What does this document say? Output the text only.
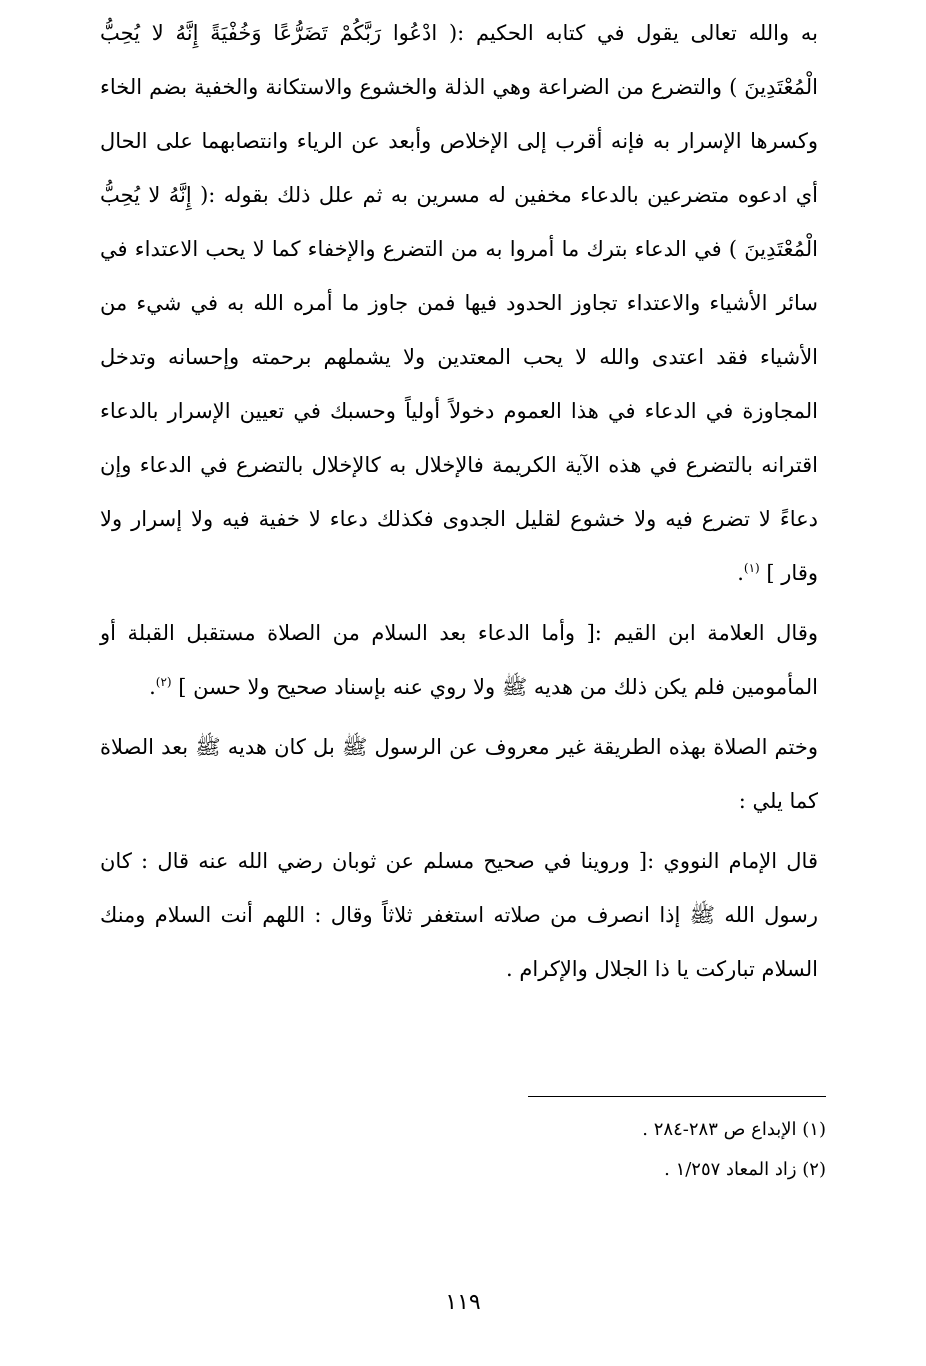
به والله تعالى يقول في كتابه الحكيم :( ادْعُوا رَبَّكُمْ تَضَرُّعًا وَخُفْيَةً إِنَّهُ لا يُحِبُّ الْمُعْتَدِينَ ) والتضرع من الضراعة وهي الذلة والخشوع والاستكانة والخفية بضم الخاء وكسرها الإسرار به فإنه أقرب إلى الإخلاص وأبعد عن الرياء وانتصابهما على الحال أي ادعوه متضرعين بالدعاء مخفين له مسرين به ثم علل ذلك بقوله :( إِنَّهُ لا يُحِبُّ الْمُعْتَدِينَ ) في الدعاء بترك ما أمروا به من التضرع والإخفاء كما لا يحب الاعتداء في سائر الأشياء والاعتداء تجاوز الحدود فيها فمن جاوز ما أمره الله به في شيء من الأشياء فقد اعتدى والله لا يحب المعتدين ولا يشملهم برحمته وإحسانه وتدخل المجاوزة في الدعاء في هذا العموم دخولاً أولياً وحسبك في تعيين الإسرار بالدعاء اقترانه بالتضرع في هذه الآية الكريمة فالإخلال به كالإخلال بالتضرع في الدعاء وإن دعاءً لا تضرع فيه ولا خشوع لقليل الجدوى فكذلك دعاء لا خفية فيه ولا إسرار ولا وقار ] $^{(١)}$.

وقال العلامة ابن القيم :[ وأما الدعاء بعد السلام من الصلاة مستقبل القبلة أو المأمومين فلم يكن ذلك من هديه ﷺ ولا روي عنه بإسناد صحيح ولا حسن ] $^{(٢)}$.

وختم الصلاة بهذه الطريقة غير معروف عن الرسول ﷺ بل كان هديه ﷺ بعد الصلاة كما يلي :

قال الإمام النووي :[ وروينا في صحيح مسلم عن ثوبان رضي الله عنه قال : كان رسول الله ﷺ إذا انصرف من صلاته استغفر ثلاثاً وقال : اللهم أنت السلام ومنك السلام تباركت يا ذا الجلال والإكرام .

(١) الإبداع ص ٢٨٣-٢٨٤ .

(٢) زاد المعاد ١/٢٥٧ .

١١٩
